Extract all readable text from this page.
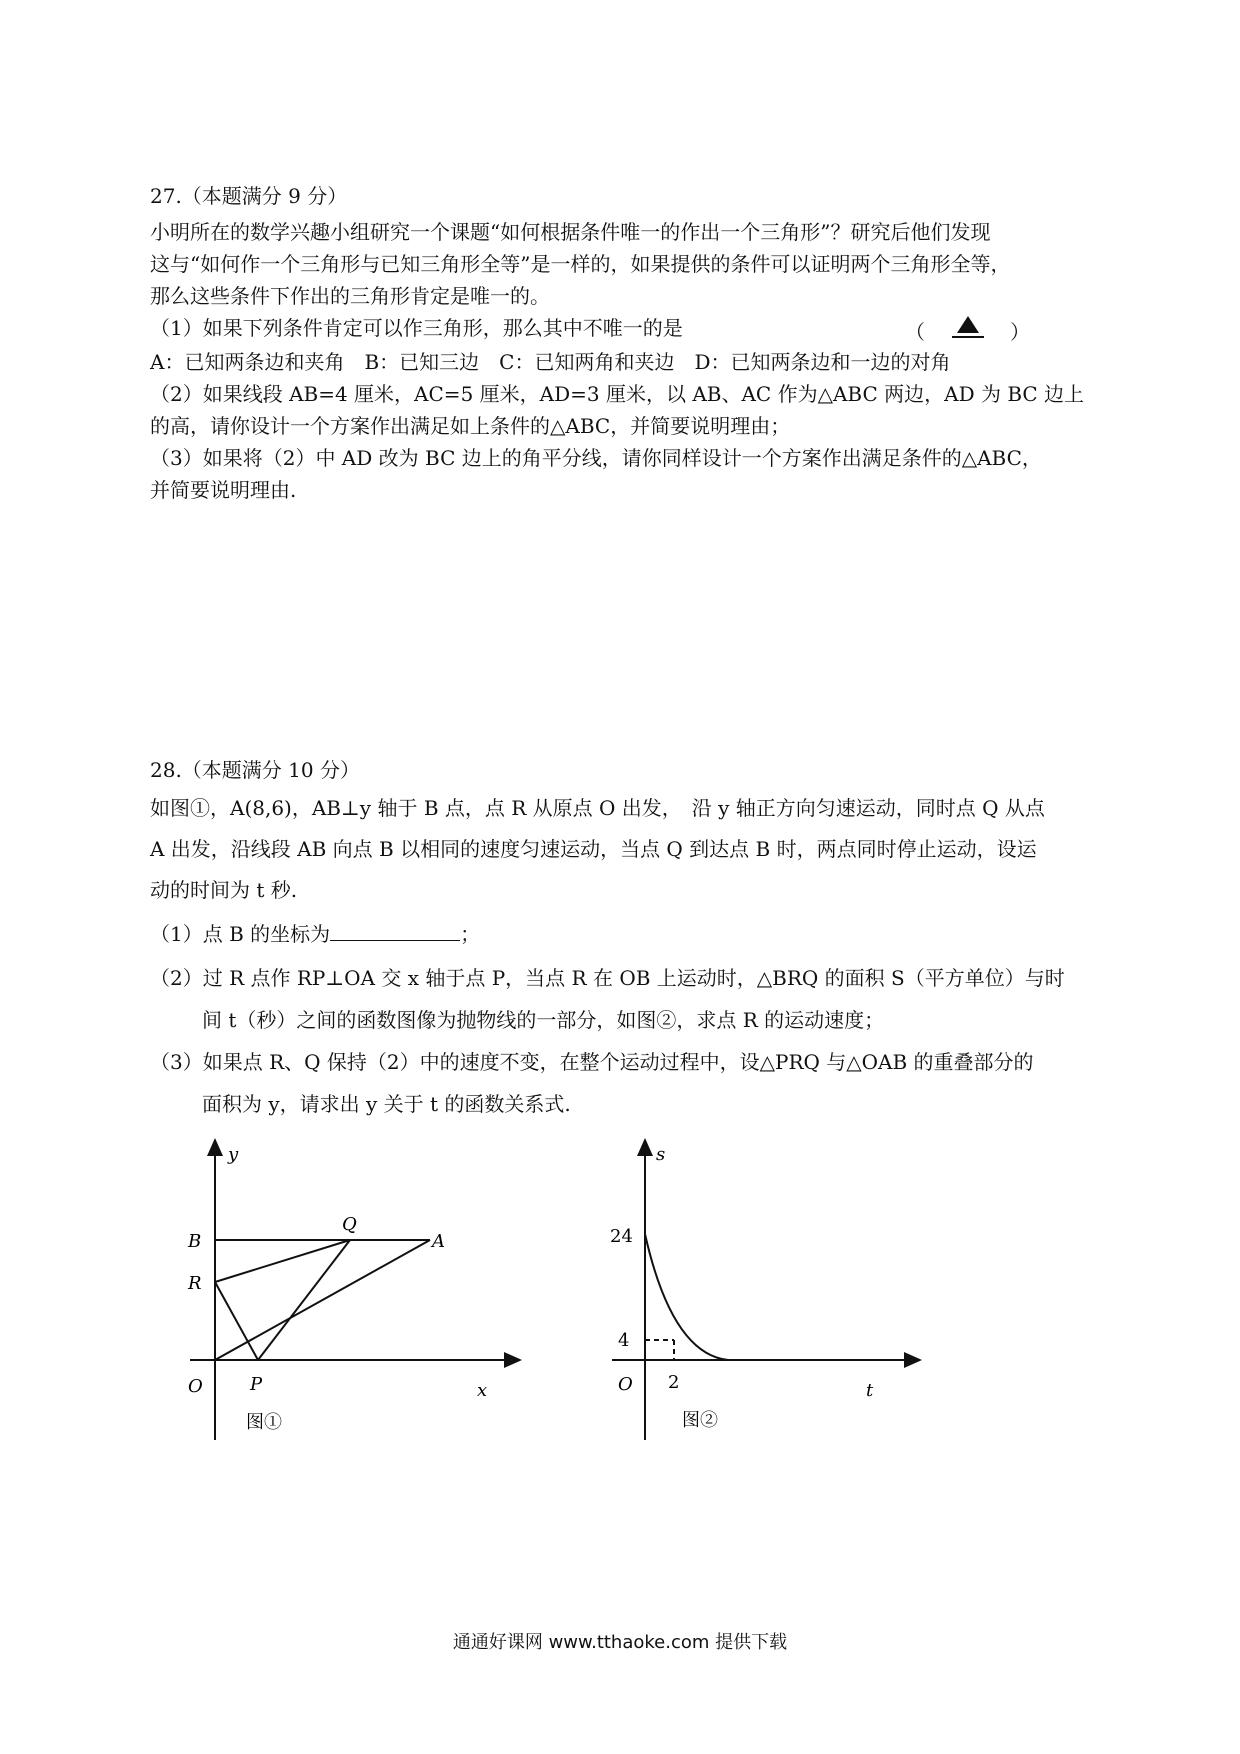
27.（本题满分 9 分）
小明所在的数学兴趣小组研究一个课题“如何根据条件唯一的作出一个三角形”？研究后他们发现
这与“如何作一个三角形与已知三角形全等”是一样的，如果提供的条件可以证明两个三角形全等，
那么这些条件下作出的三角形肯定是唯一的。
（1）如果下列条件肯定可以作三角形，那么其中不唯一的是	（	）
A：已知两条边和夹角　B：已知三边　C：已知两角和夹边　D：已知两条边和一边的对角
（2）如果线段 AB=4 厘米，AC=5 厘米，AD=3 厘米，以 AB、AC 作为△ABC 两边，AD 为 BC 边上
的高，请你设计一个方案作出满足如上条件的△ABC，并简要说明理由；
（3）如果将（2）中 AD 改为 BC 边上的角平分线，请你同样设计一个方案作出满足条件的△ABC，
并简要说明理由.
28.（本题满分 10 分）
如图①，A(8,6)，AB⊥y 轴于 B 点，点 R 从原点 O 出发，　沿 y 轴正方向匀速运动，同时点 Q 从点
A 出发，沿线段 AB 向点 B 以相同的速度匀速运动，当点 Q 到达点 B 时，两点同时停止运动，设运
动的时间为 t 秒.
（1）点 B 的坐标为	；
（2）过 R 点作 RP⊥OA 交 x 轴于点 P，当点 R 在 OB 上运动时，△BRQ 的面积 S（平方单位）与时
间 t（秒）之间的函数图像为抛物线的一部分，如图②，求点 R 的运动速度；
（3）如果点 R、Q 保持（2）中的速度不变，在整个运动过程中，设△PRQ 与△OAB 的重叠部分的
面积为 y，请求出 y 关于 t 的函数关系式.
y
B
R
Q
A
O	P	x
图①
s
24
4
O 2	t
图②
通通好课网 www.tthaoke.com 提供下载
